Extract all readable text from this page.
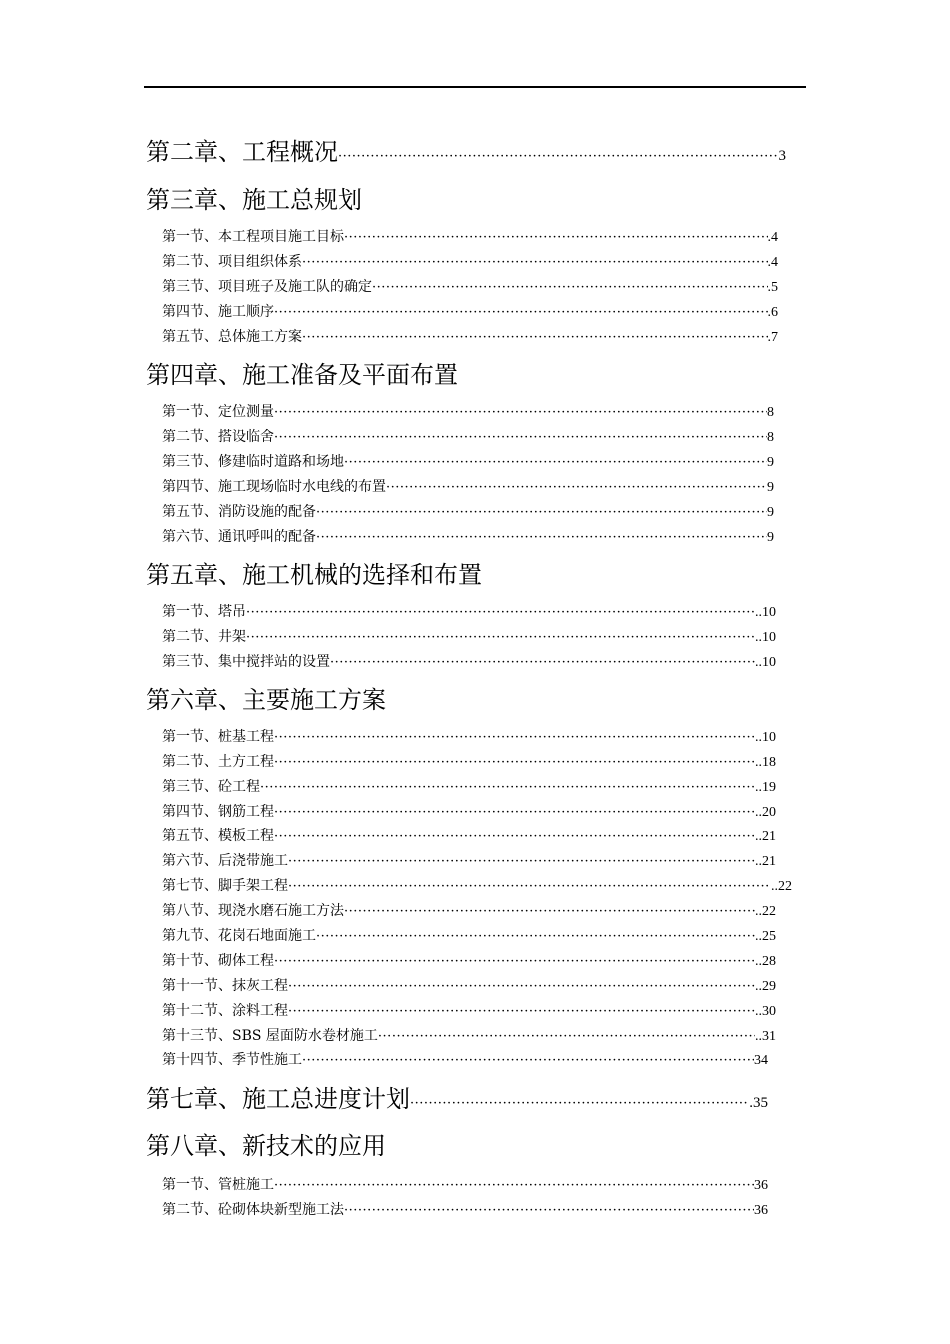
第二章、工程概况 ·····	3
第三章、施工总规划
第一节、本工程项目施工目标 ·····	.4
第二节、项目组织体系 ·····	.4
第三节、项目班子及施工队的确定 ·····	.5
第四节、施工顺序 ·····	.6
第五节、总体施工方案 ·····	.7
第四章、施工准备及平面布置
第一节、定位测量 ·····	8
第二节、搭设临舍 ·····	8
第三节、修建临时道路和场地 ·····	9
第四节、施工现场临时水电线的布置 ·····	9
第五节、消防设施的配备 ·····	9
第六节、通讯呼叫的配备 ·····	9
第五章、施工机械的选择和布置
第一节、塔吊 ·····	..10
第二节、井架 ·····	..10
第三节、集中搅拌站的设置 ·····	..10
第六章、主要施工方案
第一节、桩基工程 ·····	..10
第二节、土方工程 ·····	..18
第三节、砼工程 ·····	..19
第四节、钢筋工程 ·····	..20
第五节、模板工程 ·····	..21
第六节、后浇带施工 ·····	..21
第七节、脚手架工程 ·····	..22
第八节、现浇水磨石施工方法 ·····	..22
第九节、花岗石地面施工 ·····	..25
第十节、砌体工程 ·····	..28
第十一节、抹灰工程 ·····	..29
第十二节、涂料工程 ·····	..30
第十三节、SBS 屋面防水卷材施工 ·····	..31
第十四节、季节性施工 ·····	34
第七章、施工总进度计划 ·····	.35
第八章、新技术的应用
第一节、管桩施工 ·····	36
第二节、砼砌体块新型施工法 ·····	36
